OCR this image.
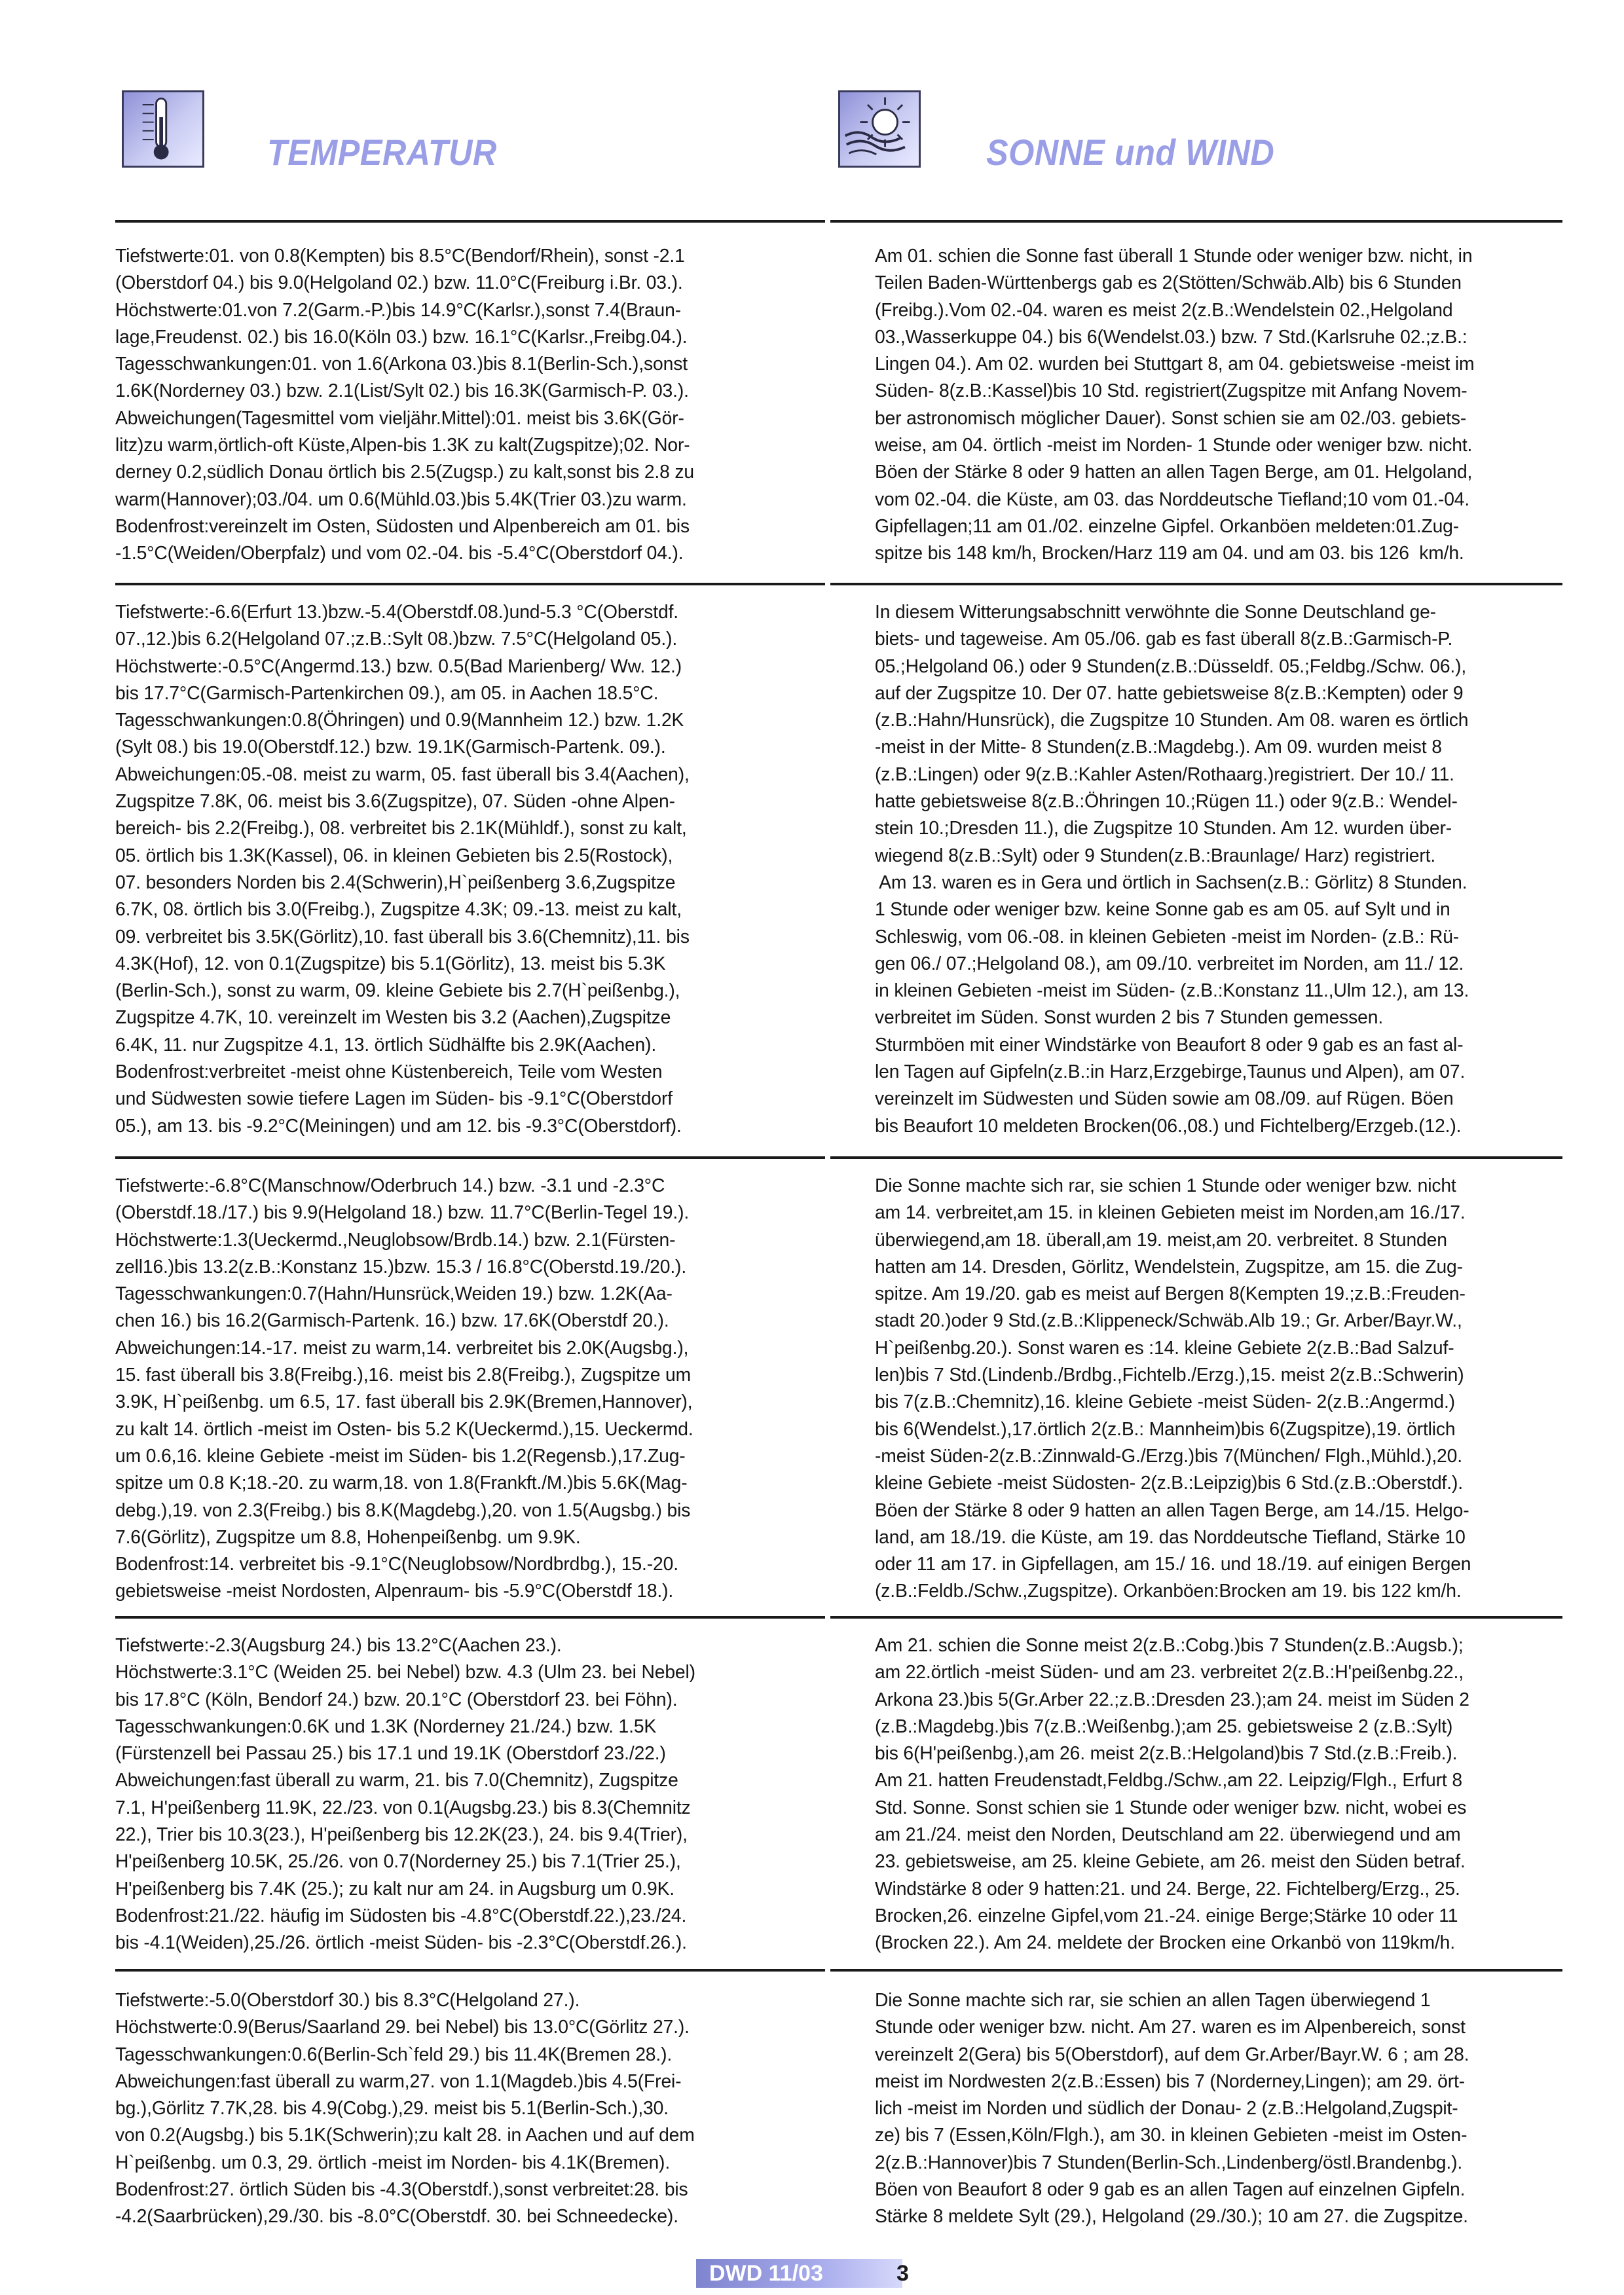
TEMPERATUR	SONNE und WIND
Tiefstwerte:01. von 0.8(Kempten) bis 8.5°C(Bendorf/Rhein), sonst -2.1
(Oberstdorf 04.) bis 9.0(Helgoland 02.) bzw. 11.0°C(Freiburg i.Br. 03.).
Höchstwerte:01.von 7.2(Garm.-P.)bis 14.9°C(Karlsr.),sonst 7.4(Braun-
lage,Freudenst. 02.) bis 16.0(Köln 03.) bzw. 16.1°C(Karlsr.,Freibg.04.).
Tagesschwankungen:01. von 1.6(Arkona 03.)bis 8.1(Berlin-Sch.),sonst
1.6K(Norderney 03.) bzw. 2.1(List/Sylt 02.) bis 16.3K(Garmisch-P. 03.).
Abweichungen(Tagesmittel vom vieljähr.Mittel):01. meist bis 3.6K(Gör-
litz)zu warm,örtlich-oft Küste,Alpen-bis 1.3K zu kalt(Zugspitze);02. Nor-
derney 0.2,südlich Donau örtlich bis 2.5(Zugsp.) zu kalt,sonst bis 2.8 zu
warm(Hannover);03./04. um 0.6(Mühld.03.)bis 5.4K(Trier 03.)zu warm.
Bodenfrost:vereinzelt im Osten, Südosten und Alpenbereich am 01. bis
-1.5°C(Weiden/Oberpfalz) und vom 02.-04. bis -5.4°C(Oberstdorf 04.).
Tiefstwerte:-6.6(Erfurt 13.)bzw.-5.4(Oberstdf.08.)und-5.3 °C(Oberstdf.
07.,12.)bis 6.2(Helgoland 07.;z.B.:Sylt 08.)bzw. 7.5°C(Helgoland 05.).
Höchstwerte:-0.5°C(Angermd.13.) bzw. 0.5(Bad Marienberg/ Ww. 12.)
bis 17.7°C(Garmisch-Partenkirchen 09.), am 05. in Aachen 18.5°C.
Tagesschwankungen:0.8(Öhringen) und 0.9(Mannheim 12.) bzw. 1.2K
(Sylt 08.) bis 19.0(Oberstdf.12.) bzw. 19.1K(Garmisch-Partenk. 09.).
Abweichungen:05.-08. meist zu warm, 05. fast überall bis 3.4(Aachen),
Zugspitze 7.8K, 06. meist bis 3.6(Zugspitze), 07. Süden -ohne Alpen-
bereich- bis 2.2(Freibg.), 08. verbreitet bis 2.1K(Mühldf.), sonst zu kalt,
05. örtlich bis 1.3K(Kassel), 06. in kleinen Gebieten bis 2.5(Rostock),
07. besonders Norden bis 2.4(Schwerin),H`peißenberg 3.6,Zugspitze
6.7K, 08. örtlich bis 3.0(Freibg.), Zugspitze 4.3K; 09.-13. meist zu kalt,
09. verbreitet bis 3.5K(Görlitz),10. fast überall bis 3.6(Chemnitz),11. bis
4.3K(Hof), 12. von 0.1(Zugspitze) bis 5.1(Görlitz), 13. meist bis 5.3K
(Berlin-Sch.), sonst zu warm, 09. kleine Gebiete bis 2.7(H`peißenbg.),
Zugspitze 4.7K, 10. vereinzelt im Westen bis 3.2 (Aachen),Zugspitze
6.4K, 11. nur Zugspitze 4.1, 13. örtlich Südhälfte bis 2.9K(Aachen).
Bodenfrost:verbreitet -meist ohne Küstenbereich, Teile vom Westen
und Südwesten sowie tiefere Lagen im Süden- bis -9.1°C(Oberstdorf
05.), am 13. bis -9.2°C(Meiningen) und am 12. bis -9.3°C(Oberstdorf).
Tiefstwerte:-6.8°C(Manschnow/Oderbruch 14.) bzw. -3.1 und -2.3°C
(Oberstdf.18./17.) bis 9.9(Helgoland 18.) bzw. 11.7°C(Berlin-Tegel 19.).
Höchstwerte:1.3(Ueckermd.,Neuglobsow/Brdb.14.) bzw. 2.1(Fürsten-
zell16.)bis 13.2(z.B.:Konstanz 15.)bzw. 15.3 / 16.8°C(Oberstd.19./20.).
Tagesschwankungen:0.7(Hahn/Hunsrück,Weiden 19.) bzw. 1.2K(Aa-
chen 16.) bis 16.2(Garmisch-Partenk. 16.) bzw. 17.6K(Oberstdf 20.).
Abweichungen:14.-17. meist zu warm,14. verbreitet bis 2.0K(Augsbg.),
15. fast überall bis 3.8(Freibg.),16. meist bis 2.8(Freibg.), Zugspitze um
3.9K, H`peißenbg. um 6.5, 17. fast überall bis 2.9K(Bremen,Hannover),
zu kalt 14. örtlich -meist im Osten- bis 5.2 K(Ueckermd.),15. Ueckermd.
um 0.6,16. kleine Gebiete -meist im Süden- bis 1.2(Regensb.),17.Zug-
spitze um 0.8 K;18.-20. zu warm,18. von 1.8(Frankft./M.)bis 5.6K(Mag-
debg.),19. von 2.3(Freibg.) bis 8.K(Magdebg.),20. von 1.5(Augsbg.) bis
7.6(Görlitz), Zugspitze um 8.8, Hohenpeißenbg. um 9.9K.
Bodenfrost:14. verbreitet bis -9.1°C(Neuglobsow/Nordbrdbg.), 15.-20.
gebietsweise -meist Nordosten, Alpenraum- bis -5.9°C(Oberstdf 18.).
Tiefstwerte:-2.3(Augsburg 24.) bis 13.2°C(Aachen 23.).
Höchstwerte:3.1°C (Weiden 25. bei Nebel) bzw. 4.3 (Ulm 23. bei Nebel)
bis 17.8°C (Köln, Bendorf 24.) bzw. 20.1°C (Oberstdorf 23. bei Föhn).
Tagesschwankungen:0.6K und 1.3K (Norderney 21./24.) bzw. 1.5K
(Fürstenzell bei Passau 25.) bis 17.1 und 19.1K (Oberstdorf 23./22.)
Abweichungen:fast überall zu warm, 21. bis 7.0(Chemnitz), Zugspitze
7.1, H'peißenberg 11.9K, 22./23. von 0.1(Augsbg.23.) bis 8.3(Chemnitz
22.), Trier bis 10.3(23.), H'peißenberg bis 12.2K(23.), 24. bis 9.4(Trier),
H'peißenberg 10.5K, 25./26. von 0.7(Norderney 25.) bis 7.1(Trier 25.),
H'peißenberg bis 7.4K (25.); zu kalt nur am 24. in Augsburg um 0.9K.
Bodenfrost:21./22. häufig im Südosten bis -4.8°C(Oberstdf.22.),23./24.
bis -4.1(Weiden),25./26. örtlich -meist Süden- bis -2.3°C(Oberstdf.26.).
Tiefstwerte:-5.0(Oberstdorf 30.) bis 8.3°C(Helgoland 27.).
Höchstwerte:0.9(Berus/Saarland 29. bei Nebel) bis 13.0°C(Görlitz 27.).
Tagesschwankungen:0.6(Berlin-Sch`feld 29.) bis 11.4K(Bremen 28.).
Abweichungen:fast überall zu warm,27. von 1.1(Magdeb.)bis 4.5(Frei-
bg.),Görlitz 7.7K,28. bis 4.9(Cobg.),29. meist bis 5.1(Berlin-Sch.),30.
von 0.2(Augsbg.) bis 5.1K(Schwerin);zu kalt 28. in Aachen und auf dem
H`peißenbg. um 0.3, 29. örtlich -meist im Norden- bis 4.1K(Bremen).
Bodenfrost:27. örtlich Süden bis -4.3(Oberstdf.),sonst verbreitet:28. bis
-4.2(Saarbrücken),29./30. bis -8.0°C(Oberstdf. 30. bei Schneedecke).
Am 01. schien die Sonne fast überall 1 Stunde oder weniger bzw. nicht, in
Teilen Baden-Württenbergs gab es 2(Stötten/Schwäb.Alb) bis 6 Stunden
(Freibg.).Vom 02.-04. waren es meist 2(z.B.:Wendelstein 02.,Helgoland
03.,Wasserkuppe 04.) bis 6(Wendelst.03.) bzw. 7 Std.(Karlsruhe 02.;z.B.:
Lingen 04.). Am 02. wurden bei Stuttgart 8, am 04. gebietsweise -meist im
Süden- 8(z.B.:Kassel)bis 10 Std. registriert(Zugspitze mit Anfang Novem-
ber astronomisch möglicher Dauer). Sonst schien sie am 02./03. gebiets-
weise, am 04. örtlich -meist im Norden- 1 Stunde oder weniger bzw. nicht.
Böen der Stärke 8 oder 9 hatten an allen Tagen Berge, am 01. Helgoland,
vom 02.-04. die Küste, am 03. das Norddeutsche Tiefland;10 vom 01.-04.
Gipfellagen;11 am 01./02. einzelne Gipfel. Orkanböen meldeten:01.Zug-
spitze bis 148 km/h, Brocken/Harz 119 am 04. und am 03. bis 126  km/h.
In diesem Witterungsabschnitt verwöhnte die Sonne Deutschland ge-
biets- und tageweise. Am 05./06. gab es fast überall 8(z.B.:Garmisch-P.
05.;Helgoland 06.) oder 9 Stunden(z.B.:Düsseldf. 05.;Feldbg./Schw. 06.),
auf der Zugspitze 10. Der 07. hatte gebietsweise 8(z.B.:Kempten) oder 9
(z.B.:Hahn/Hunsrück), die Zugspitze 10 Stunden. Am 08. waren es örtlich
-meist in der Mitte- 8 Stunden(z.B.:Magdebg.). Am 09. wurden meist 8
(z.B.:Lingen) oder 9(z.B.:Kahler Asten/Rothaarg.)registriert. Der 10./ 11.
hatte gebietsweise 8(z.B.:Öhringen 10.;Rügen 11.) oder 9(z.B.: Wendel-
stein 10.;Dresden 11.), die Zugspitze 10 Stunden. Am 12. wurden über-
wiegend 8(z.B.:Sylt) oder 9 Stunden(z.B.:Braunlage/ Harz) registriert.
Am 13. waren es in Gera und örtlich in Sachsen(z.B.: Görlitz) 8 Stunden.
1 Stunde oder weniger bzw. keine Sonne gab es am 05. auf Sylt und in
Schleswig, vom 06.-08. in kleinen Gebieten -meist im Norden- (z.B.: Rü-
gen 06./ 07.;Helgoland 08.), am 09./10. verbreitet im Norden, am 11./ 12.
in kleinen Gebieten -meist im Süden- (z.B.:Konstanz 11.,Ulm 12.), am 13.
verbreitet im Süden. Sonst wurden 2 bis 7 Stunden gemessen.
Sturmböen mit einer Windstärke von Beaufort 8 oder 9 gab es an fast al-
len Tagen auf Gipfeln(z.B.:in Harz,Erzgebirge,Taunus und Alpen), am 07.
vereinzelt im Südwesten und Süden sowie am 08./09. auf Rügen. Böen
bis Beaufort 10 meldeten Brocken(06.,08.) und Fichtelberg/Erzgeb.(12.).
Die Sonne machte sich rar, sie schien 1 Stunde oder weniger bzw. nicht
am 14. verbreitet,am 15. in kleinen Gebieten meist im Norden,am 16./17.
überwiegend,am 18. überall,am 19. meist,am 20. verbreitet. 8 Stunden
hatten am 14. Dresden, Görlitz, Wendelstein, Zugspitze, am 15. die Zug-
spitze. Am 19./20. gab es meist auf Bergen 8(Kempten 19.;z.B.:Freuden-
stadt 20.)oder 9 Std.(z.B.:Klippeneck/Schwäb.Alb 19.; Gr. Arber/Bayr.W.,
H`peißenbg.20.). Sonst waren es :14. kleine Gebiete 2(z.B.:Bad Salzuf-
len)bis 7 Std.(Lindenb./Brdbg.,Fichtelb./Erzg.),15. meist 2(z.B.:Schwerin)
bis 7(z.B.:Chemnitz),16. kleine Gebiete -meist Süden- 2(z.B.:Angermd.)
bis 6(Wendelst.),17.örtlich 2(z.B.: Mannheim)bis 6(Zugspitze),19. örtlich
-meist Süden-2(z.B.:Zinnwald-G./Erzg.)bis 7(München/ Flgh.,Mühld.),20.
kleine Gebiete -meist Südosten- 2(z.B.:Leipzig)bis 6 Std.(z.B.:Oberstdf.).
Böen der Stärke 8 oder 9 hatten an allen Tagen Berge, am 14./15. Helgo-
land, am 18./19. die Küste, am 19. das Norddeutsche Tiefland, Stärke 10
oder 11 am 17. in Gipfellagen, am 15./ 16. und 18./19. auf einigen Bergen
(z.B.:Feldb./Schw.,Zugspitze). Orkanböen:Brocken am 19. bis 122 km/h.
Am 21. schien die Sonne meist 2(z.B.:Cobg.)bis 7 Stunden(z.B.:Augsb.);
am 22.örtlich -meist Süden- und am 23. verbreitet 2(z.B.:H'peißenbg.22.,
Arkona 23.)bis 5(Gr.Arber 22.;z.B.:Dresden 23.);am 24. meist im Süden 2
(z.B.:Magdebg.)bis 7(z.B.:Weißenbg.);am 25. gebietsweise 2 (z.B.:Sylt)
bis 6(H'peißenbg.),am 26. meist 2(z.B.:Helgoland)bis 7 Std.(z.B.:Freib.).
Am 21. hatten Freudenstadt,Feldbg./Schw.,am 22. Leipzig/Flgh., Erfurt 8
Std. Sonne. Sonst schien sie 1 Stunde oder weniger bzw. nicht, wobei es
am 21./24. meist den Norden, Deutschland am 22. überwiegend und am
23. gebietsweise, am 25. kleine Gebiete, am 26. meist den Süden betraf.
Windstärke 8 oder 9 hatten:21. und 24. Berge, 22. Fichtelberg/Erzg., 25.
Brocken,26. einzelne Gipfel,vom 21.-24. einige Berge;Stärke 10 oder 11
(Brocken 22.). Am 24. meldete der Brocken eine Orkanbö von 119km/h.
Die Sonne machte sich rar, sie schien an allen Tagen überwiegend 1
Stunde oder weniger bzw. nicht. Am 27. waren es im Alpenbereich, sonst
vereinzelt 2(Gera) bis 5(Oberstdorf), auf dem Gr.Arber/Bayr.W. 6 ; am 28.
meist im Nordwesten 2(z.B.:Essen) bis 7 (Norderney,Lingen); am 29. ört-
lich -meist im Norden und südlich der Donau- 2 (z.B.:Helgoland,Zugspit-
ze) bis 7 (Essen,Köln/Flgh.), am 30. in kleinen Gebieten -meist im Osten-
2(z.B.:Hannover)bis 7 Stunden(Berlin-Sch.,Lindenberg/östl.Brandenbg.).
Böen von Beaufort 8 oder 9 gab es an allen Tagen auf einzelnen Gipfeln.
Stärke 8 meldete Sylt (29.), Helgoland (29./30.); 10 am 27. die Zugspitze.
DWD 11/03	3
